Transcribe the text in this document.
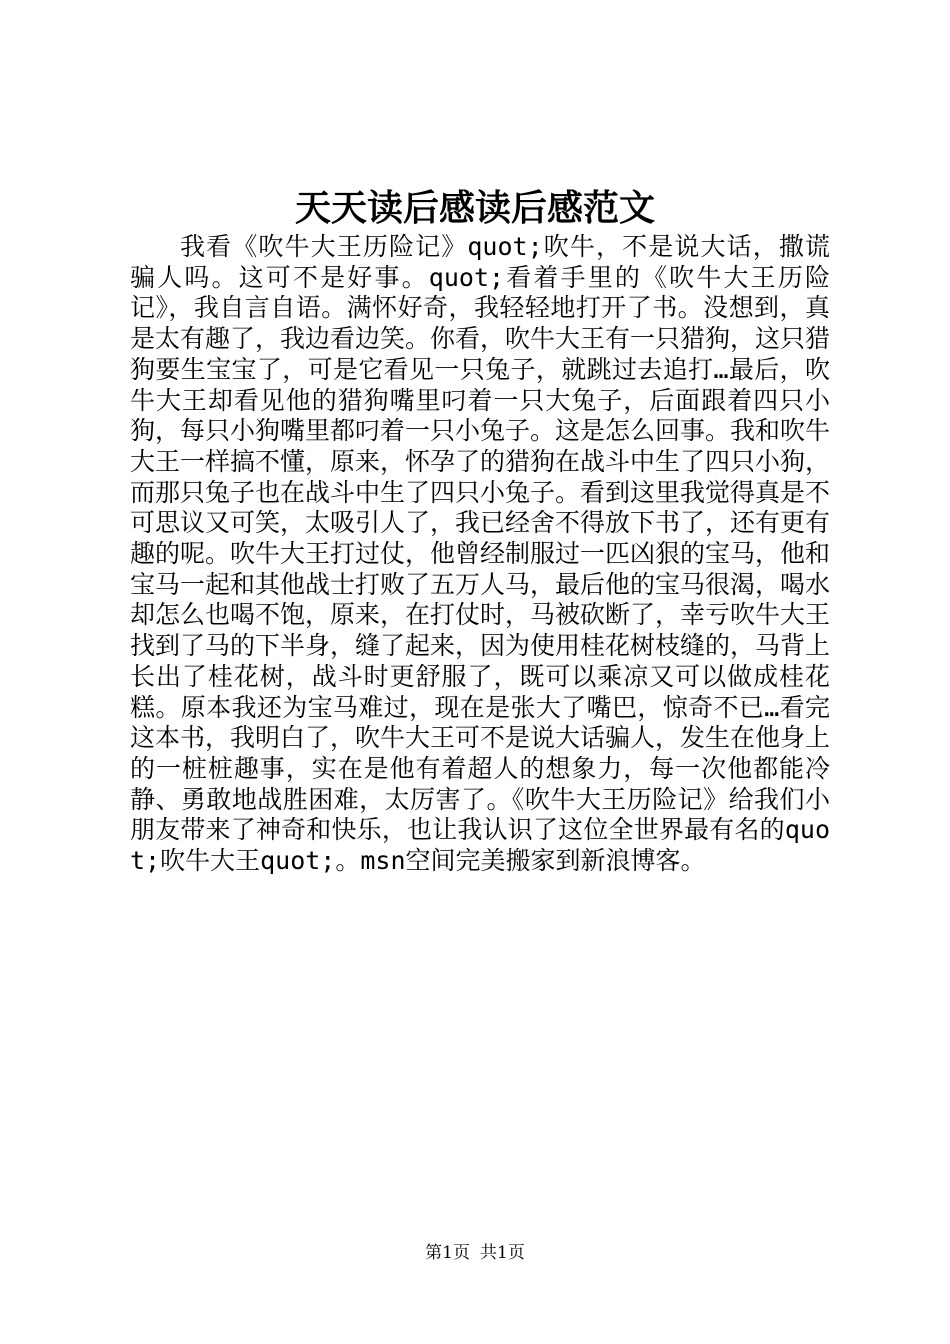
天天读后感读后感范文

我看《吹牛大王历险记》quot;吹牛，不是说大话，撒谎骗人吗。这可不是好事。quot;看着手里的《吹牛大王历险记》，我自言自语。满怀好奇，我轻轻地打开了书。没想到，真是太有趣了，我边看边笑。你看，吹牛大王有一只猎狗，这只猎狗要生宝宝了，可是它看见一只兔子，就跳过去追打…最后，吹牛大王却看见他的猎狗嘴里叼着一只大兔子，后面跟着四只小狗，每只小狗嘴里都叼着一只小兔子。这是怎么回事。我和吹牛大王一样搞不懂，原来，怀孕了的猎狗在战斗中生了四只小狗，而那只兔子也在战斗中生了四只小兔子。看到这里我觉得真是不可思议又可笑，太吸引人了，我已经舍不得放下书了，还有更有趣的呢。吹牛大王打过仗，他曾经制服过一匹凶狠的宝马，他和宝马一起和其他战士打败了五万人马，最后他的宝马很渴，喝水却怎么也喝不饱，原来，在打仗时，马被砍断了，幸亏吹牛大王找到了马的下半身，缝了起来，因为使用桂花树枝缝的，马背上长出了桂花树，战斗时更舒服了，既可以乘凉又可以做成桂花糕。原本我还为宝马难过，现在是张大了嘴巴，惊奇不已…看完这本书，我明白了，吹牛大王可不是说大话骗人，发生在他身上的一桩桩趣事，实在是他有着超人的想象力，每一次他都能冷静、勇敢地战胜困难，太厉害了。《吹牛大王历险记》给我们小朋友带来了神奇和快乐，也让我认识了这位全世界最有名的quot;吹牛大王quot;。msn空间完美搬家到新浪博客。

第1页 共1页
